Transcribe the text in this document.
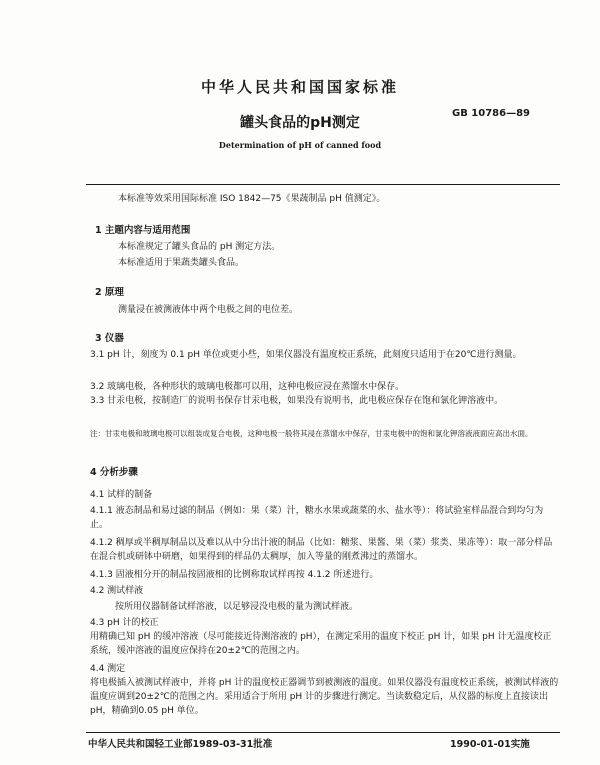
中华人民共和国国家标准
罐头食品的pH测定
GB 10786—89
Determination of pH of canned food
本标准等效采用国际标准 ISO 1842—75《果蔬制品 pH 值测定》。
1 主题内容与适用范围
本标准规定了罐头食品的 pH 测定方法。
本标准适用于果蔬类罐头食品。
2 原理
测量浸在被测液体中两个电极之间的电位差。
3 仪器
3.1 pH 计，刻度为 0.1 pH 单位或更小些，如果仪器没有温度校正系统，此刻度只适用于在20℃进行测量。
3.2 玻璃电极，各种形状的玻璃电极都可以用，这种电极应浸在蒸馏水中保存。
3.3 甘汞电极，按制造厂的说明书保存甘汞电极，如果没有说明书，此电极应保存在饱和氯化钾溶液中。
注：甘汞电极和玻璃电极可以组装成复合电极，这种电极一般将其浸在蒸馏水中保存，甘汞电极中的饱和氯化钾溶液液面应高出水面。
4 分析步骤
4.1 试样的制备
4.1.1 液态制品和易过滤的制品（例如：果（菜）汁，糖水水果或蔬菜的水、盐水等）：将试验室样品混合到均匀为止。
4.1.2 稠厚或半稠厚制品以及难以从中分出汁液的制品（比如：糖浆、果酱、果（菜）浆类、果冻等）：取一部分样品在混合机或研钵中研磨，如果得到的样品仍太稠厚，加入等量的刚煮沸过的蒸馏水。
4.1.3 固液相分开的制品按固液相的比例称取试样再按 4.1.2 所述进行。
4.2 测试样液
按所用仪器制备试样溶液，以足够浸没电极的量为测试样液。
4.3 pH 计的校正
用精确已知 pH 的缓冲溶液（尽可能接近待测溶液的 pH），在测定采用的温度下校正 pH 计，如果 pH 计无温度校正系统，缓冲溶液的温度应保持在20±2℃的范围之内。
4.4 测定
将电极插入被测试样液中，并将 pH 计的温度校正器调节到被测液的温度。如果仪器没有温度校正系统，被测试样液的温度应调到20±2℃的范围之内。采用适合于所用 pH 计的步骤进行测定。当读数稳定后，从仪器的标度上直接读出 pH，精确到0.05 pH 单位。
中华人民共和国轻工业部1989-03-31批准	1990-01-01实施
